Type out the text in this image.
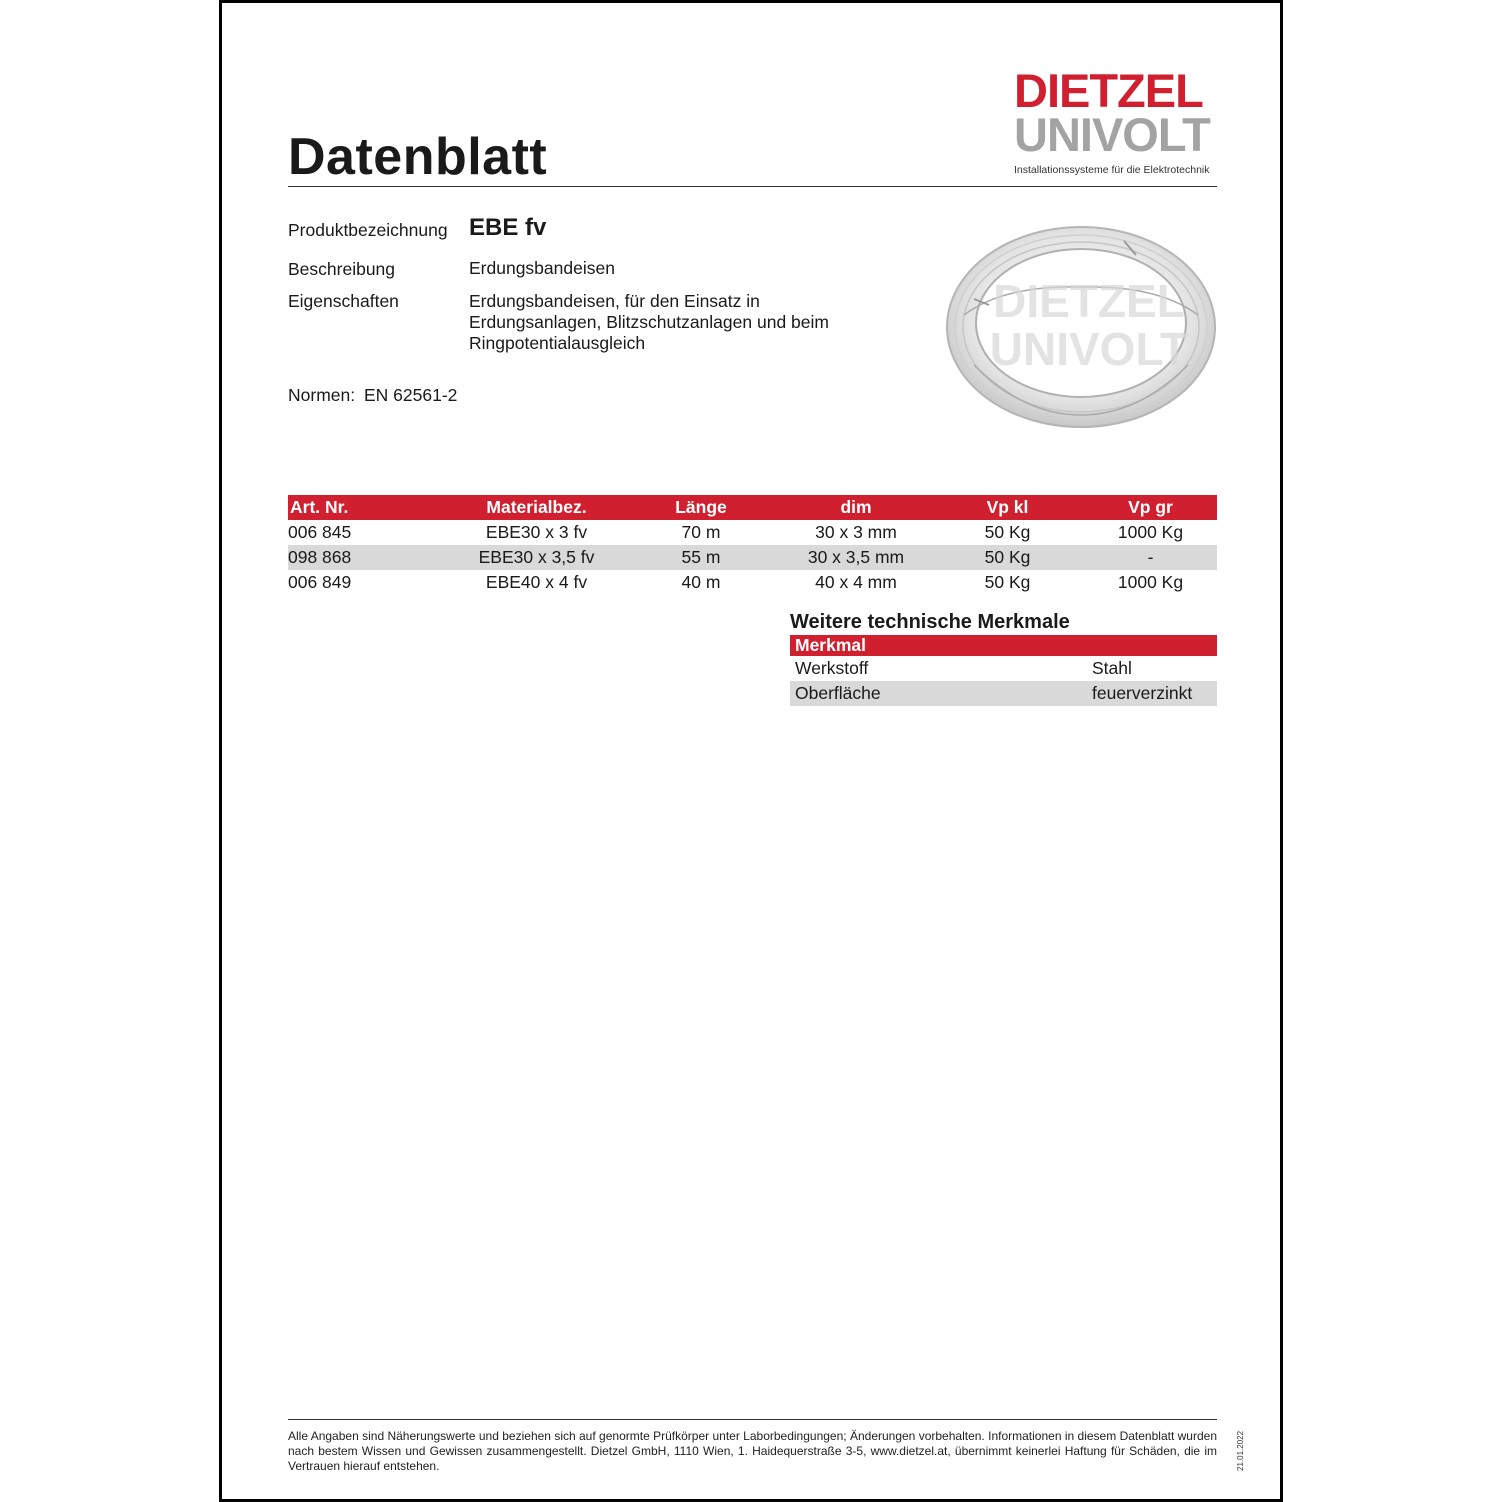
Datenblatt
DIETZEL
UNIVOLT
Installationssysteme für die Elektrotechnik
Produktbezeichnung EBE fv
Beschreibung	Erdungsbandeisen
Eigenschaften	Erdungsbandeisen, für den Einsatz in Erdungsanlagen, Blitzschutzanlagen und beim Ringpotentialausgleich
Normen: EN 62561-2
DIETZEL
UNIVOLT
Art. Nr.	Materialbez.	Länge	dim	Vp kl	Vp gr
006 845	EBE30 x 3 fv	70 m	30 x 3 mm	50 Kg	1000 Kg
098 868	EBE30 x 3,5 fv	55 m	30 x 3,5 mm	50 Kg	-
006 849	EBE40 x 4 fv	40 m	40 x 4 mm	50 Kg	1000 Kg
Weitere technische Merkmale
Merkmal	
Werkstoff	Stahl
Oberfläche	feuerverzinkt
Alle Angaben sind Näherungswerte und beziehen sich auf genormte Prüfkörper unter Laborbedingungen; Änderungen vorbehalten. Informationen in diesem Datenblatt wurden nach bestem Wissen und Gewissen zusammengestellt. Dietzel GmbH, 1110 Wien, 1. Haidequerstraße 3-5, www.dietzel.at, übernimmt keinerlei Haftung für Schäden, die im Vertrauen hierauf entstehen.	21.01.2022
